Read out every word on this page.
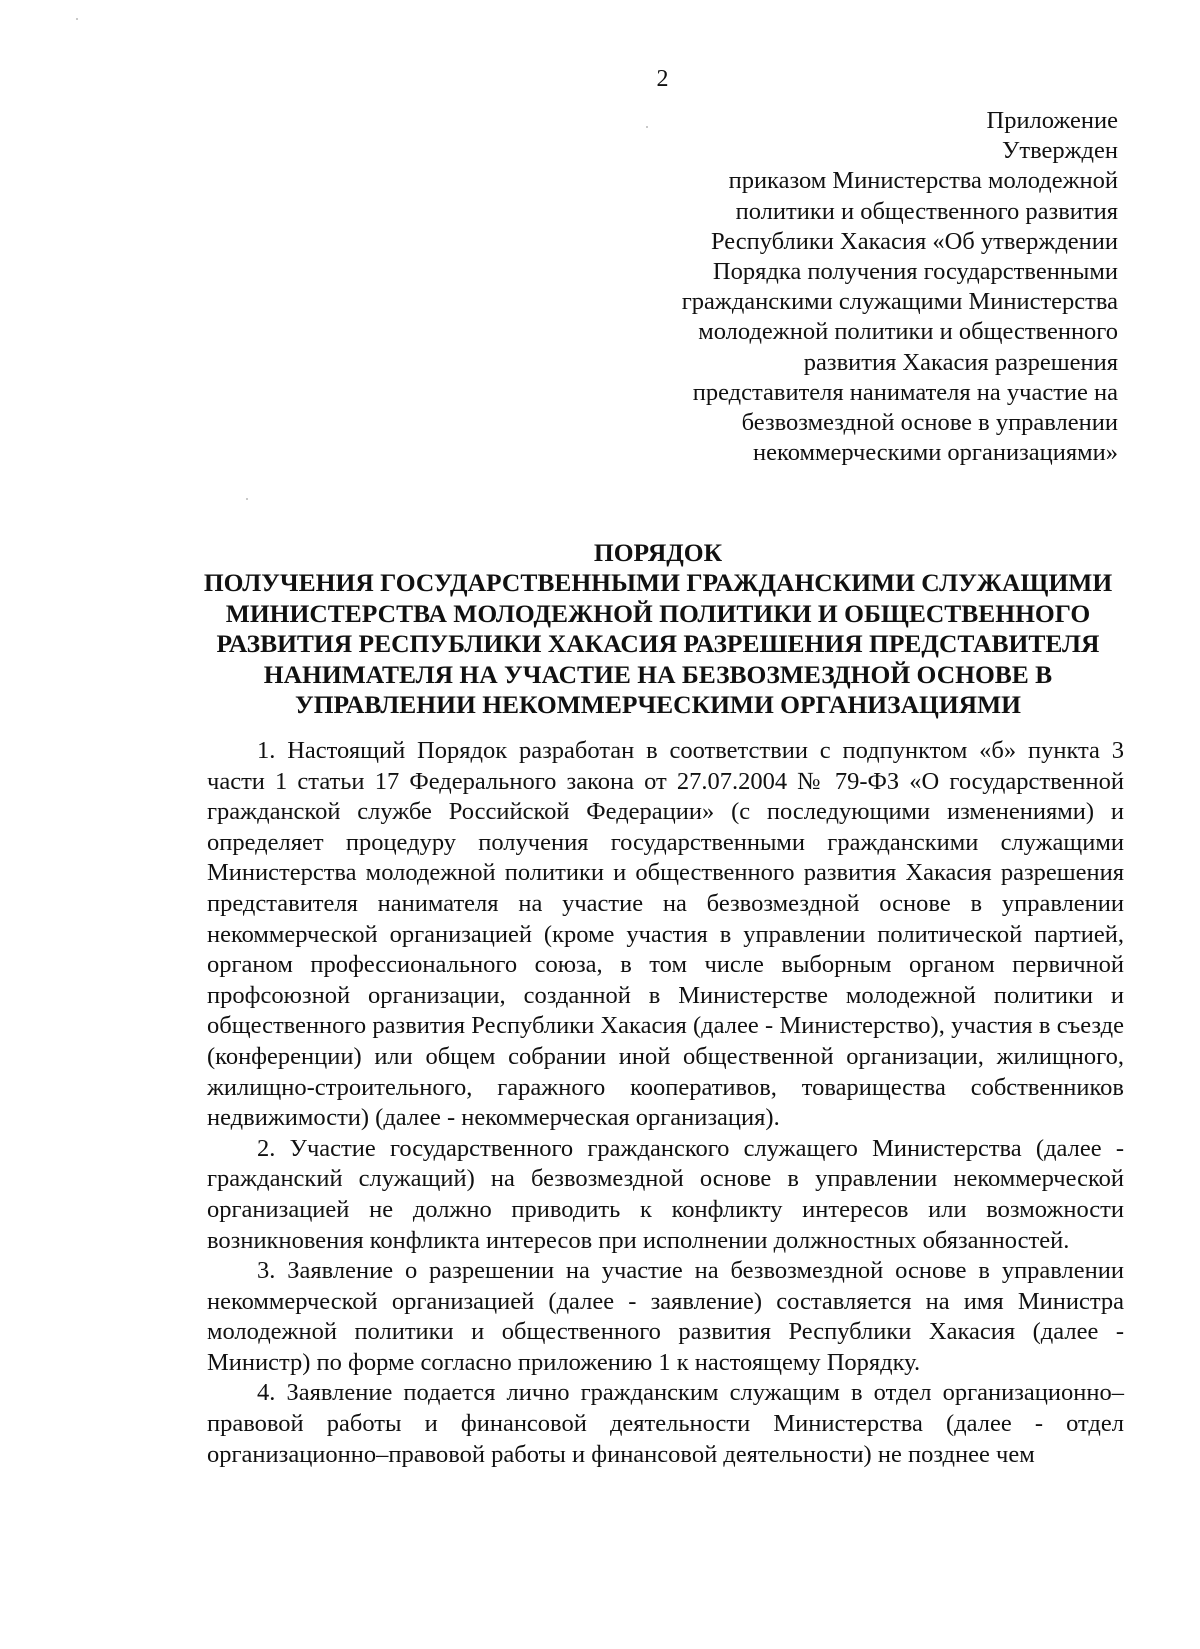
2
Приложение
Утвержден
приказом Министерства молодежной
политики и общественного развития
Республики Хакасия «Об утверждении
Порядка получения государственными
гражданскими служащими Министерства
молодежной политики и общественного
развития Хакасия разрешения
представителя нанимателя на участие на
безвозмездной основе в управлении
некоммерческими организациями»
ПОРЯДОК
ПОЛУЧЕНИЯ ГОСУДАРСТВЕННЫМИ ГРАЖДАНСКИМИ СЛУЖАЩИМИ
МИНИСТЕРСТВА МОЛОДЕЖНОЙ ПОЛИТИКИ И ОБЩЕСТВЕННОГО
РАЗВИТИЯ РЕСПУБЛИКИ ХАКАСИЯ РАЗРЕШЕНИЯ ПРЕДСТАВИТЕЛЯ
НАНИМАТЕЛЯ НА УЧАСТИЕ НА БЕЗВОЗМЕЗДНОЙ ОСНОВЕ В
УПРАВЛЕНИИ НЕКОММЕРЧЕСКИМИ ОРГАНИЗАЦИЯМИ

1. Настоящий Порядок разработан в соответствии с подпунктом «б» пункта 3 части 1 статьи 17 Федерального закона от 27.07.2004 № 79-ФЗ «О государственной гражданской службе Российской Федерации» (с последующими изменениями) и определяет процедуру получения государственными гражданскими служащими Министерства молодежной политики и общественного развития Хакасия разрешения представителя нанимателя на участие на безвозмездной основе в управлении некоммерческой организацией (кроме участия в управлении политической партией, органом профессионального союза, в том числе выборным органом первичной профсоюзной организации, созданной в Министерстве молодежной политики и общественного развития Республики Хакасия (далее - Министерство), участия в съезде (конференции) или общем собрании иной общественной организации, жилищного, жилищно-строительного, гаражного кооперативов, товарищества собственников недвижимости) (далее - некоммерческая организация).

2. Участие государственного гражданского служащего Министерства (далее - гражданский служащий) на безвозмездной основе в управлении некоммерческой организацией не должно приводить к конфликту интересов или возможности возникновения конфликта интересов при исполнении должностных обязанностей.

3. Заявление о разрешении на участие на безвозмездной основе в управлении некоммерческой организацией (далее - заявление) составляется на имя Министра молодежной политики и общественного развития Республики Хакасия (далее - Министр) по форме согласно приложению 1 к настоящему Порядку.

4. Заявление подается лично гражданским служащим в отдел организационно–правовой работы и финансовой деятельности Министерства (далее - отдел организационно–правовой работы и финансовой деятельности) не позднее чем
